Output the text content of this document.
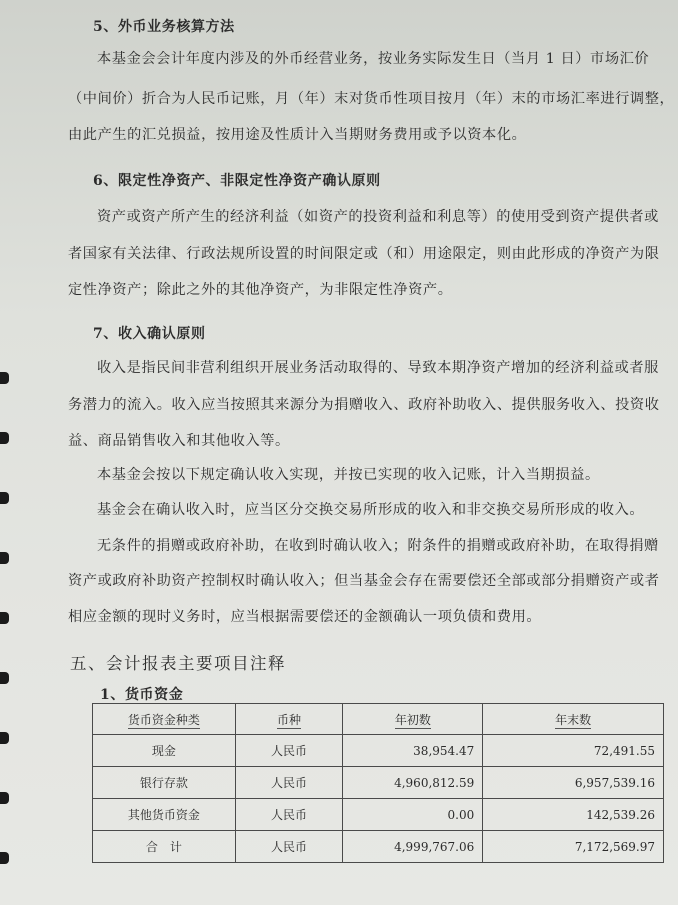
5、外币业务核算方法
本基金会会计年度内涉及的外币经营业务，按业务实际发生日（当月 1 日）市场汇价
（中间价）折合为人民币记账，月（年）末对货币性项目按月（年）末的市场汇率进行调整，
由此产生的汇兑损益，按用途及性质计入当期财务费用或予以资本化。
6、限定性净资产、非限定性净资产确认原则
资产或资产所产生的经济利益（如资产的投资利益和利息等）的使用受到资产提供者或
者国家有关法律、行政法规所设置的时间限定或（和）用途限定，则由此形成的净资产为限
定性净资产；除此之外的其他净资产，为非限定性净资产。
7、收入确认原则
收入是指民间非营利组织开展业务活动取得的、导致本期净资产增加的经济利益或者服
务潜力的流入。收入应当按照其来源分为捐赠收入、政府补助收入、提供服务收入、投资收
益、商品销售收入和其他收入等。
本基金会按以下规定确认收入实现，并按已实现的收入记账，计入当期损益。
基金会在确认收入时，应当区分交换交易所形成的收入和非交换交易所形成的收入。
无条件的捐赠或政府补助，在收到时确认收入；附条件的捐赠或政府补助，在取得捐赠
资产或政府补助资产控制权时确认收入；但当基金会存在需要偿还全部或部分捐赠资产或者
相应金额的现时义务时，应当根据需要偿还的金额确认一项负债和费用。
五、会计报表主要项目注释
1、货币资金
货币资金种类	币种	年初数	年末数
现金	人民币	38,954.47	72,491.55
银行存款	人民币	4,960,812.59	6,957,539.16
其他货币资金	人民币	0.00	142,539.26
合　计	人民币	4,999,767.06	7,172,569.97
